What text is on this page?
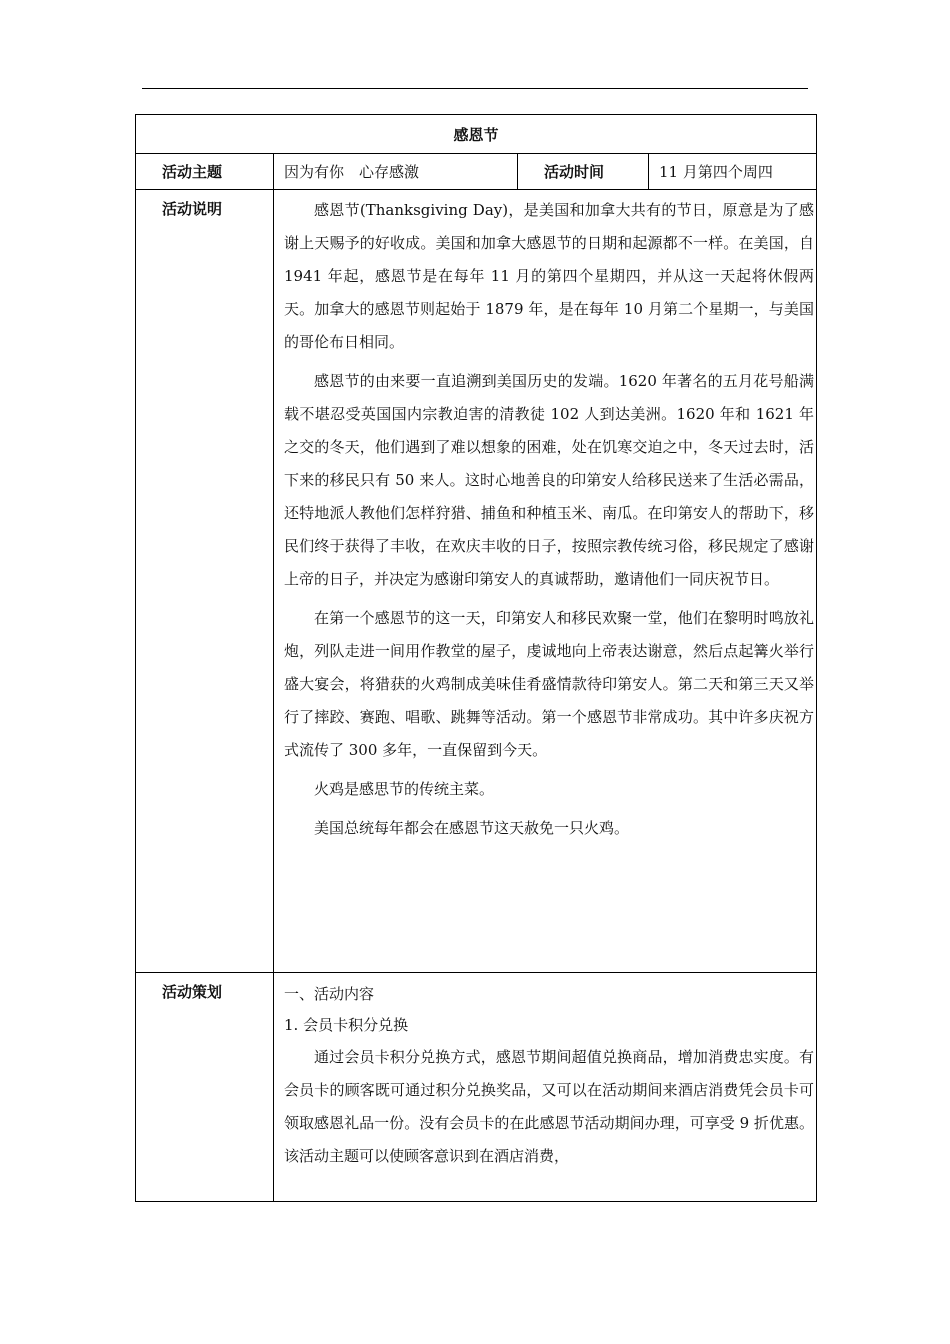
感恩节			
活动主题	因为有你　心存感激	活动时间	11 月第四个周四
活动说明	感恩节(Thanksgiving Day)，是美国和加拿大共有的节日，原意是为了感谢上天赐予的好收成。美国和加拿大感恩节的日期和起源都不一样。在美国，自 1941 年起，感恩节是在每年 11 月的第四个星期四，并从这一天起将休假两天。加拿大的感恩节则起始于 1879 年，是在每年 10 月第二个星期一，与美国的哥伦布日相同。

感恩节的由来要一直追溯到美国历史的发端。1620 年著名的五月花号船满载不堪忍受英国国内宗教迫害的清教徒 102 人到达美洲。1620 年和 1621 年之交的冬天，他们遇到了难以想象的困难，处在饥寒交迫之中，冬天过去时，活下来的移民只有 50 来人。这时心地善良的印第安人给移民送来了生活必需品，还特地派人教他们怎样狩猎、捕鱼和种植玉米、南瓜。在印第安人的帮助下，移民们终于获得了丰收，在欢庆丰收的日子，按照宗教传统习俗，移民规定了感谢上帝的日子，并决定为感谢印第安人的真诚帮助，邀请他们一同庆祝节日。

在第一个感恩节的这一天，印第安人和移民欢聚一堂，他们在黎明时鸣放礼炮，列队走进一间用作教堂的屋子，虔诚地向上帝表达谢意，然后点起篝火举行盛大宴会，将猎获的火鸡制成美味佳肴盛情款待印第安人。第二天和第三天又举行了摔跤、赛跑、唱歌、跳舞等活动。第一个感恩节非常成功。其中许多庆祝方式流传了 300 多年，一直保留到今天。

火鸡是感思节的传统主菜。

美国总统每年都会在感恩节这天赦免一只火鸡。		

活动策划	一、活动内容

1. 会员卡积分兑换

通过会员卡积分兑换方式，感恩节期间超值兑换商品，增加消费忠实度。有会员卡的顾客既可通过积分兑换奖品，又可以在活动期间来酒店消费凭会员卡可领取感恩礼品一份。没有会员卡的在此感恩节活动期间办理，可享受 9 折优惠。该活动主题可以使顾客意识到在酒店消费，		
